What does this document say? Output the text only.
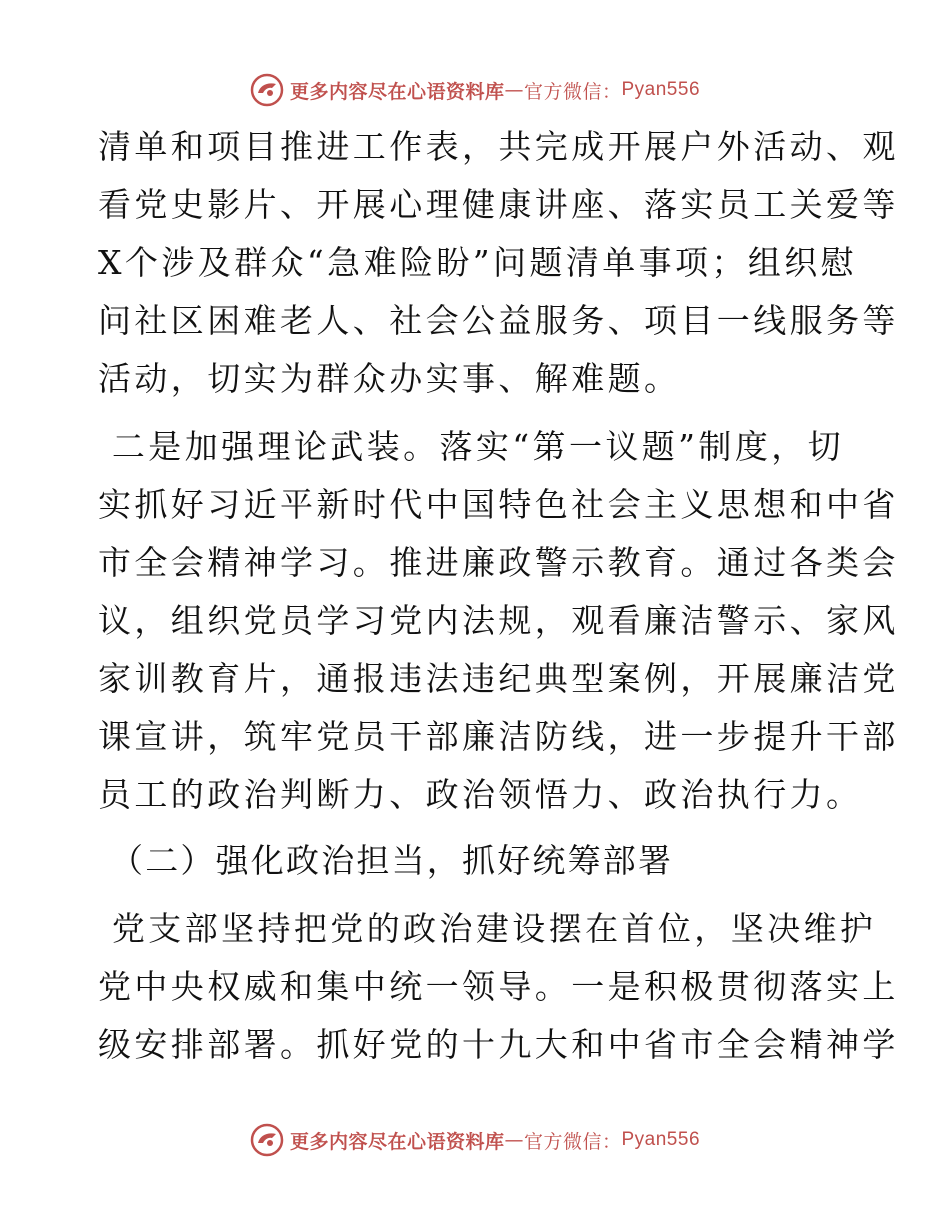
更多内容尽在心语资料库 — 官方微信： Pyan556
清单和项目推进工作表，共完成开展户外活动、观
看党史影片、开展心理健康讲座、落实员工关爱等
X个涉及群众“急难险盼”问题清单事项；组织慰
问社区困难老人、社会公益服务、项目一线服务等
活动，切实为群众办实事、解难题。
二是加强理论武装。落实“第一议题”制度，切
实抓好习近平新时代中国特色社会主义思想和中省
市全会精神学习。推进廉政警示教育。通过各类会
议，组织党员学习党内法规，观看廉洁警示、家风
家训教育片，通报违法违纪典型案例，开展廉洁党
课宣讲，筑牢党员干部廉洁防线，进一步提升干部
员工的政治判断力、政治领悟力、政治执行力。
（二）强化政治担当，抓好统筹部署
党支部坚持把党的政治建设摆在首位，坚决维护
党中央权威和集中统一领导。一是积极贯彻落实上
级安排部署。抓好党的十九大和中省市全会精神学
更多内容尽在心语资料库 — 官方微信： Pyan556
